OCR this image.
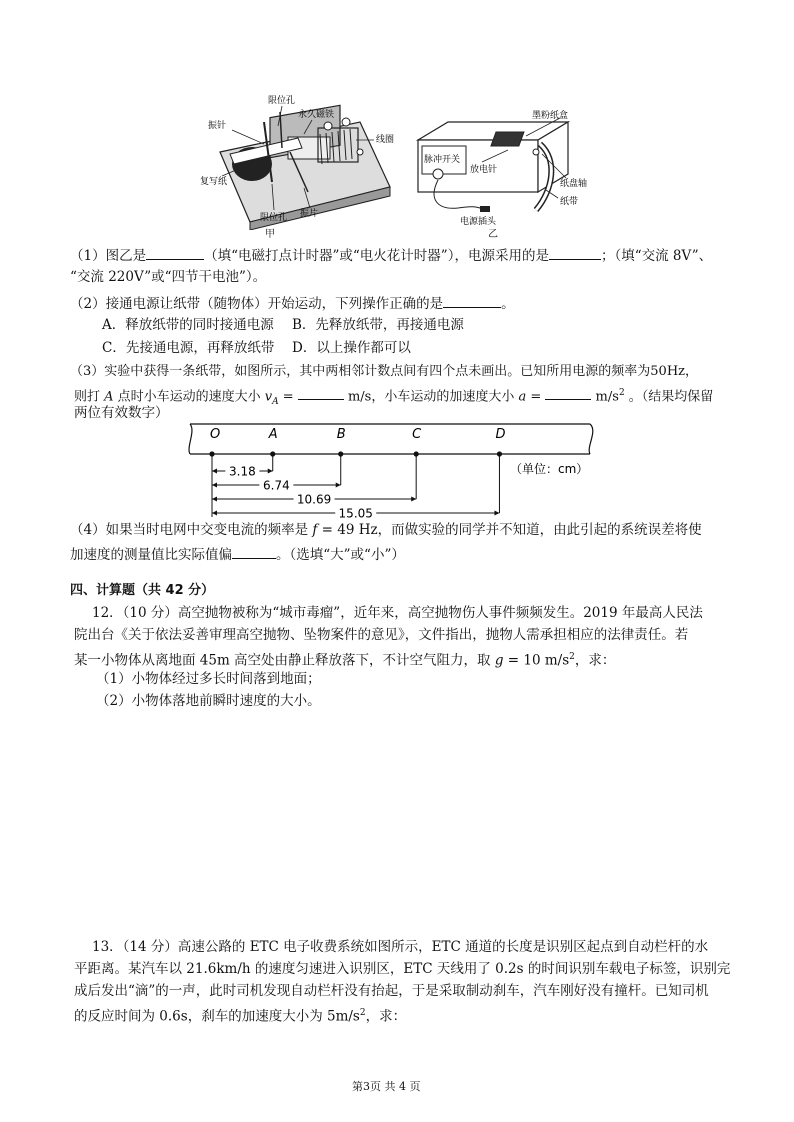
限位孔
振针
永久磁铁
线圈
复写纸
限位孔 振片
甲
墨粉纸盒
脉冲开关
放电针
纸盘轴
纸带
电源插头
乙
（1）图乙是	（填“电磁打点计时器”或“电火花计时器”），电源采用的是	；（填“交流 8V”、
“交流 220V”或“四节干电池”）。
（2）接通电源让纸带（随物体）开始运动，下列操作正确的是	。
A．释放纸带的同时接通电源 B．先释放纸带，再接通电源
C．先接通电源，再释放纸带 D．以上操作都可以
（3）实验中获得一条纸带，如图所示，其中两相邻计数点间有四个点未画出。已知所用电源的频率为50Hz，
则打 A 点时小车运动的速度大小 $v_A$ =	m/s，小车运动的加速度大小 a =	$m/s^2$ 。（结果均保留
两位有效数字）
O	A	B	C	D
3.18
6.74
10.69
15.05
（单位：cm）
（4）如果当时电网中交变电流的频率是 f = 49 Hz，而做实验的同学并不知道，由此引起的系统误差将使
加速度的测量值比实际值偏	。（选填“大”或“小”）
四、计算题（共 42 分）
12．（10 分）高空抛物被称为“城市毒瘤”，近年来，高空抛物伤人事件频频发生。2019 年最高人民法
院出台《关于依法妥善审理高空抛物、坠物案件的意见》，文件指出，抛物人需承担相应的法律责任。若
某一小物体从离地面 45m 高空处由静止释放落下，不计空气阻力，取 g = 10 $m/s^2$，求：
（1）小物体经过多长时间落到地面；
（2）小物体落地前瞬时速度的大小。
13．（14 分）高速公路的 ETC 电子收费系统如图所示，ETC 通道的长度是识别区起点到自动栏杆的水
平距离。某汽车以 21.6km/h 的速度匀速进入识别区，ETC 天线用了 0.2s 的时间识别车载电子标签，识别完
成后发出“滴”的一声，此时司机发现自动栏杆没有抬起，于是采取制动刹车，汽车刚好没有撞杆。已知司机
的反应时间为 0.6s，刹车的加速度大小为 $5m/s^2$，求：
第3页 共 4 页
